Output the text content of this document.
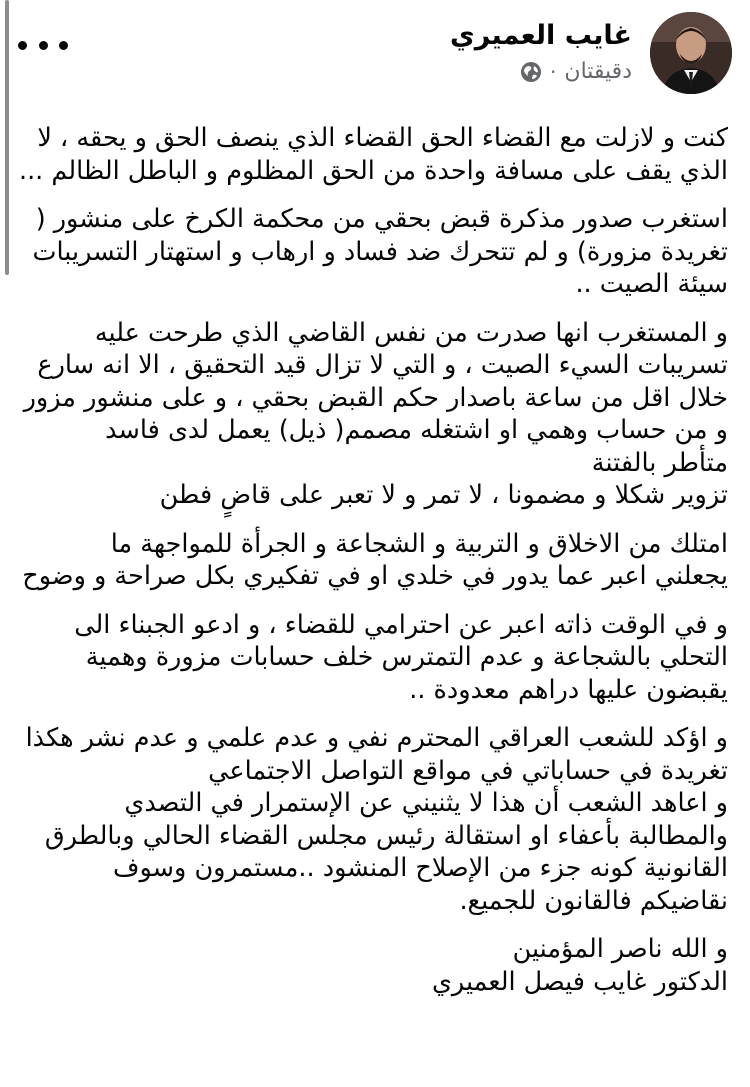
غايب العميري
دقيقتان
·

كنت و لازلت مع القضاء الحق القضاء الذي ينصف الحق و يحقه ، لا
الذي يقف على مسافة واحدة من الحق المظلوم و الباطل الظالم ...

استغرب صدور مذكرة قبض بحقي من محكمة الكرخ على منشور (
تغريدة مزورة) و لم تتحرك ضد فساد و ارهاب و استهتار التسريبات
سيئة الصيت ..

و المستغرب انها صدرت من نفس القاضي الذي طرحت عليه
تسريبات السيء الصيت ، و التي لا تزال قيد التحقيق ، الا انه سارع
خلال اقل من ساعة باصدار حكم القبض بحقي ، و على منشور مزور
و من حساب وهمي او اشتغله مصمم( ذيل) يعمل لدى فاسد
متأطر بالفتنة
تزوير شكلا و مضمونا ، لا تمر و لا تعبر على قاضٍ فطن

امتلك من الاخلاق و التربية و الشجاعة و الجرأة للمواجهة ما
يجعلني اعبر عما يدور في خلدي او في تفكيري بكل صراحة و وضوح

و في الوقت ذاته اعبر عن احترامي للقضاء ، و ادعو الجبناء الى
التحلي بالشجاعة و عدم التمترس خلف حسابات مزورة وهمية
يقبضون عليها دراهم معدودة ..

و اؤكد للشعب العراقي المحترم نفي و عدم علمي و عدم نشر هكذا
تغريدة في حساباتي في مواقع التواصل الاجتماعي
و اعاهد الشعب أن هذا لا يثنيني عن الإستمرار في التصدي
والمطالبة بأعفاء او استقالة رئيس مجلس القضاء الحالي وبالطرق
القانونية كونه جزء من الإصلاح المنشود ..مستمرون وسوف
نقاضيكم فالقانون للجميع.

و الله ناصر المؤمنين
الدكتور غايب فيصل العميري
